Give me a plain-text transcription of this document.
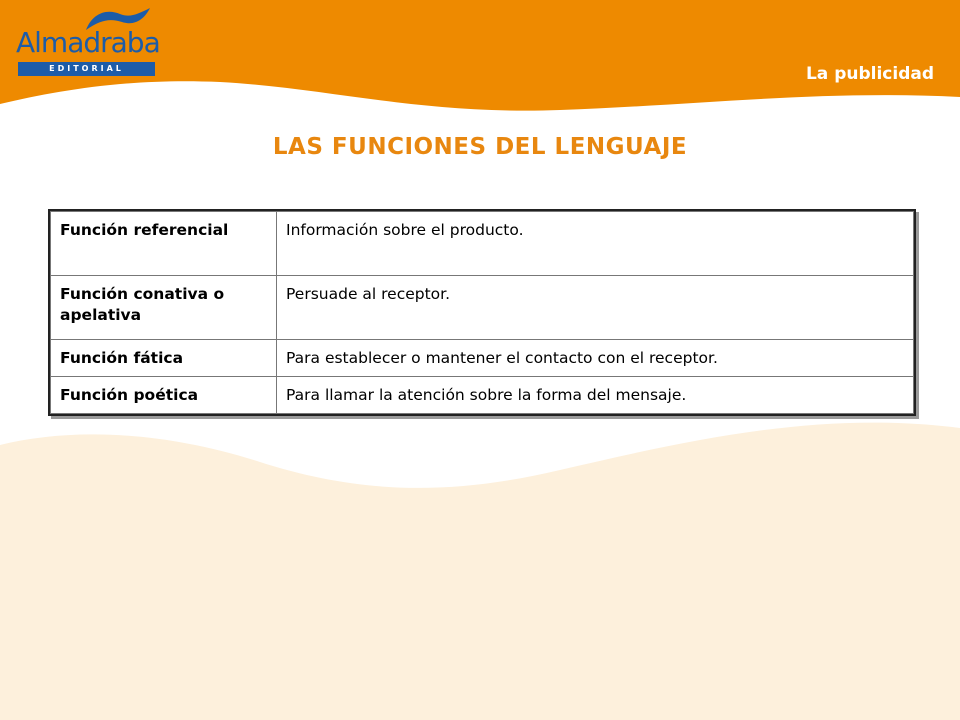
Almadraba
EDITORIAL	La publicidad
LAS FUNCIONES DEL LENGUAJE
Función referencial	Información sobre el producto.
Función conativa o apelativa	Persuade al receptor.
Función fática	Para establecer o mantener el contacto con el receptor.
Función poética	Para llamar la atención sobre la forma del mensaje.
